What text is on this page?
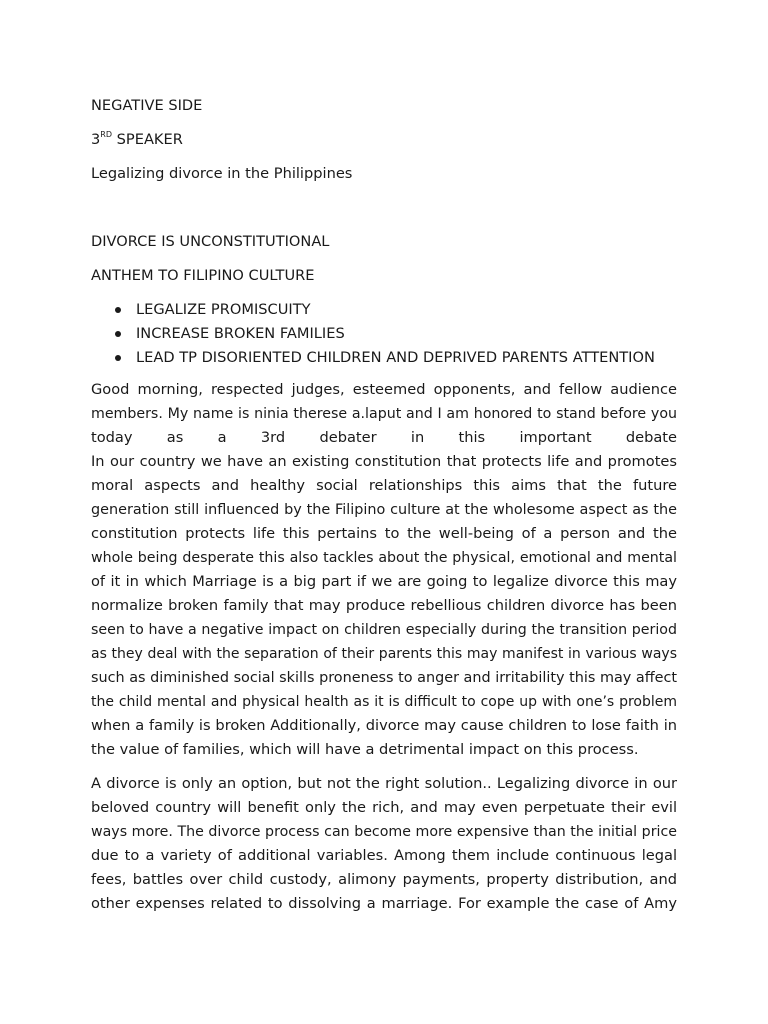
NEGATIVE SIDE
3RD SPEAKER
Legalizing divorce in the Philippines
DIVORCE IS UNCONSTITUTIONAL
ANTHEM TO FILIPINO CULTURE
LEGALIZE PROMISCUITY
INCREASE BROKEN FAMILIES
LEAD TP DISORIENTED CHILDREN AND DEPRIVED PARENTS ATTENTION
Good morning, respected judges, esteemed opponents, and fellow audience
members. My name is ninia therese a.laput and I am honored to stand before you
today as a 3rd debater in this important debate
In our country we have an existing constitution that protects life and promotes
moral aspects and healthy social relationships this aims that the future
generation still influenced by the Filipino culture at the wholesome aspect as the
constitution protects life this pertains to the well-being of a person and the
whole being desperate this also tackles about the physical, emotional and mental
of it in which Marriage is a big part if we are going to legalize divorce this may
normalize broken family that may produce rebellious children divorce has been
seen to have a negative impact on children especially during the transition period
as they deal with the separation of their parents this may manifest in various ways
such as diminished social skills proneness to anger and irritability this may affect
the child mental and physical health as it is difficult to cope up with one’s problem
when a family is broken Additionally, divorce may cause children to lose faith in
the value of families, which will have a detrimental impact on this process.
A divorce is only an option, but not the right solution.. Legalizing divorce in our
beloved country will benefit only the rich, and may even perpetuate their evil
ways more. The divorce process can become more expensive than the initial price
due to a variety of additional variables. Among them include continuous legal
fees, battles over child custody, alimony payments, property distribution, and
other expenses related to dissolving a marriage. For example the case of Amy
